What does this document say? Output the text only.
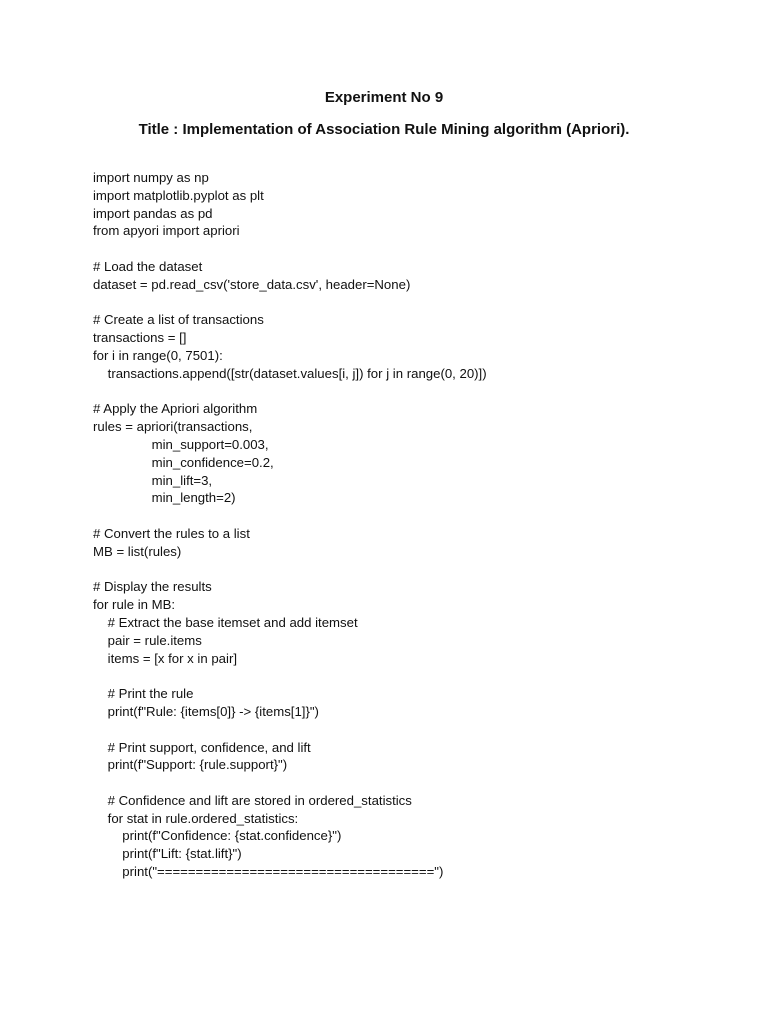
Experiment No 9
Title : Implementation of Association Rule Mining algorithm (Apriori).
import numpy as np
import matplotlib.pyplot as plt
import pandas as pd
from apyori import apriori
# Load the dataset
dataset = pd.read_csv('store_data.csv', header=None)
# Create a list of transactions
transactions = []
for i in range(0, 7501):
transactions.append([str(dataset.values[i, j]) for j in range(0, 20)])
# Apply the Apriori algorithm
rules = apriori(transactions,
min_support=0.003,
min_confidence=0.2,
min_lift=3,
min_length=2)
# Convert the rules to a list
MB = list(rules)
# Display the results
for rule in MB:
# Extract the base itemset and add itemset
pair = rule.items
items = [x for x in pair]
# Print the rule
print(f"Rule: {items[0]} -> {items[1]}")
# Print support, confidence, and lift
print(f"Support: {rule.support}")
# Confidence and lift are stored in ordered_statistics
for stat in rule.ordered_statistics:
print(f"Confidence: {stat.confidence}")
print(f"Lift: {stat.lift}")
print("====================================")
